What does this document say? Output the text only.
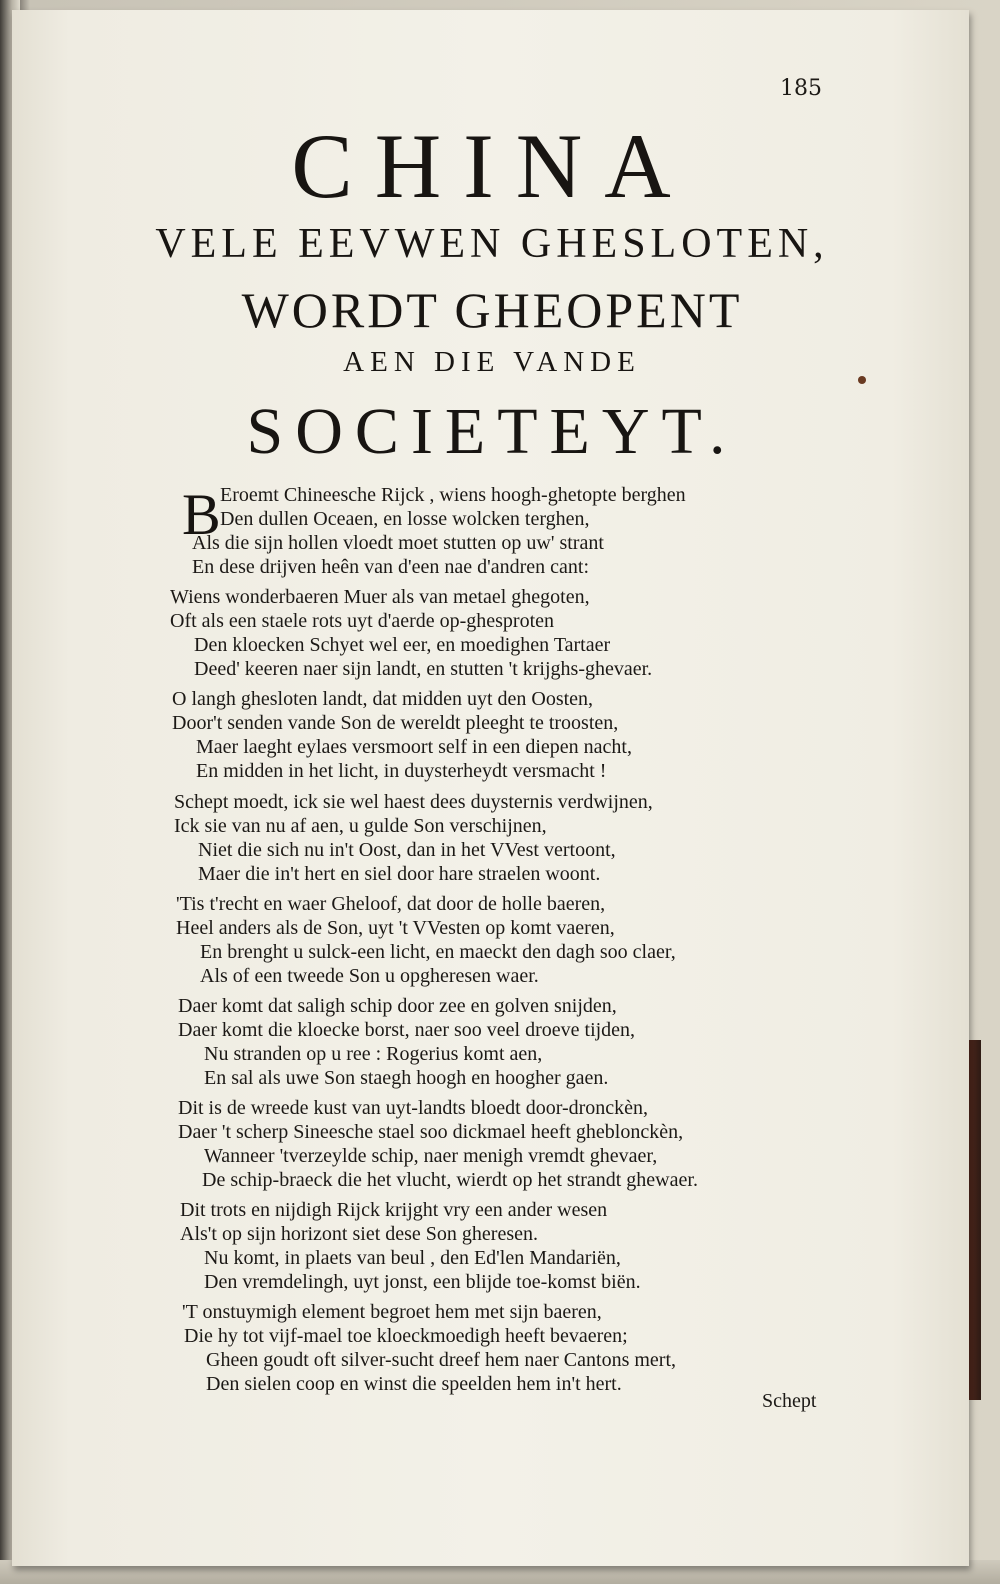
185
CHINA
VELE EEVWEN GHESLOTEN,
WORDT GHEOPENT
AEN DIE VANDE
SOCIETEYT.
B Eroemt Chineesche Rijck , wiens hoogh-ghetopte berghen
Den dullen Oceaen, en losse wolcken terghen,
Als die sijn hollen vloedt moet stutten op uw' strant
En dese drijven heên van d'een nae d'andren cant:
Wiens wonderbaeren Muer als van metael ghegoten,
Oft als een staele rots uyt d'aerde op-ghesproten
Den kloecken Schyet wel eer, en moedighen Tartaer
Deed' keeren naer sijn landt, en stutten 't krijghs-ghevaer.
O langh ghesloten landt, dat midden uyt den Oosten,
Door't senden vande Son de wereldt pleeght te troosten,
Maer laeght eylaes versmoort self in een diepen nacht,
En midden in het licht, in duysterheydt versmacht !
Schept moedt, ick sie wel haest dees duysternis verdwijnen,
Ick sie van nu af aen, u gulde Son verschijnen,
Niet die sich nu in't Oost, dan in het VVest vertoont,
Maer die in't hert en siel door hare straelen woont.
'Tis t'recht en waer Gheloof, dat door de holle baeren,
Heel anders als de Son, uyt 't VVesten op komt vaeren,
En brenght u sulck-een licht, en maeckt den dagh soo claer,
Als of een tweede Son u opgheresen waer.
Daer komt dat saligh schip door zee en golven snijden,
Daer komt die kloecke borst, naer soo veel droeve tijden,
Nu stranden op u ree : Rogerius komt aen,
En sal als uwe Son staegh hoogh en hoogher gaen.
Dit is de wreede kust van uyt-landts bloedt door-dronckèn,
Daer 't scherp Sineesche stael soo dickmael heeft gheblonckèn,
Wanneer 'tverzeylde schip, naer menigh vremdt ghevaer,
De schip-braeck die het vlucht, wierdt op het strandt ghewaer.
Dit trots en nijdigh Rijck krijght vry een ander wesen
Als't op sijn horizont siet dese Son gheresen.
Nu komt, in plaets van beul , den Ed'len Mandariën,
Den vremdelingh, uyt jonst, een blijde toe-komst biën.
'T onstuymigh element begroet hem met sijn baeren,
Die hy tot vijf-mael toe kloeckmoedigh heeft bevaeren;
Gheen goudt oft silver-sucht dreef hem naer Cantons mert,
Den sielen coop en winst die speelden hem in't hert.
Schept
